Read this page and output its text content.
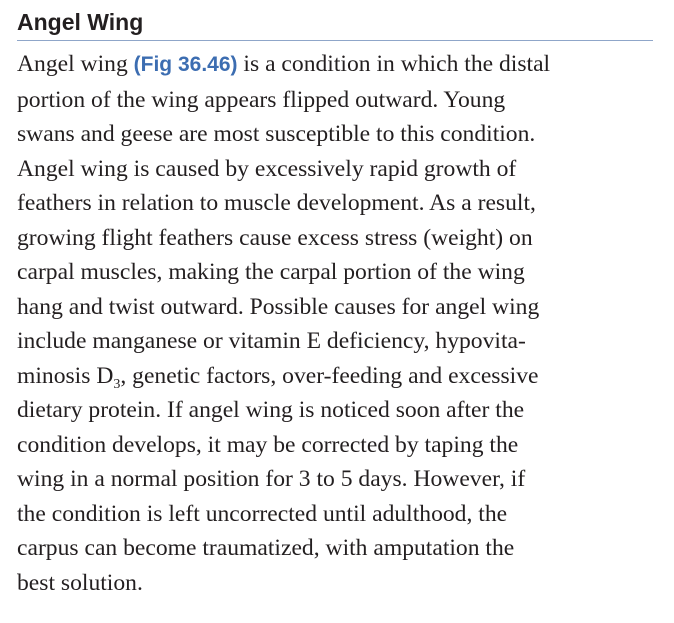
Angel Wing

Angel wing (Fig 36.46) is a condition in which the distal
portion of the wing appears flipped outward. Young
swans and geese are most susceptible to this condition.
Angel wing is caused by excessively rapid growth of
feathers in relation to muscle development. As a result,
growing flight feathers cause excess stress (weight) on
carpal muscles, making the carpal portion of the wing
hang and twist outward. Possible causes for angel wing
include manganese or vitamin E deficiency, hypovita-
minosis $D_3$, genetic factors, over-feeding and excessive
dietary protein. If angel wing is noticed soon after the
condition develops, it may be corrected by taping the
wing in a normal position for 3 to 5 days. However, if
the condition is left uncorrected until adulthood, the
carpus can become traumatized, with amputation the
best solution.
